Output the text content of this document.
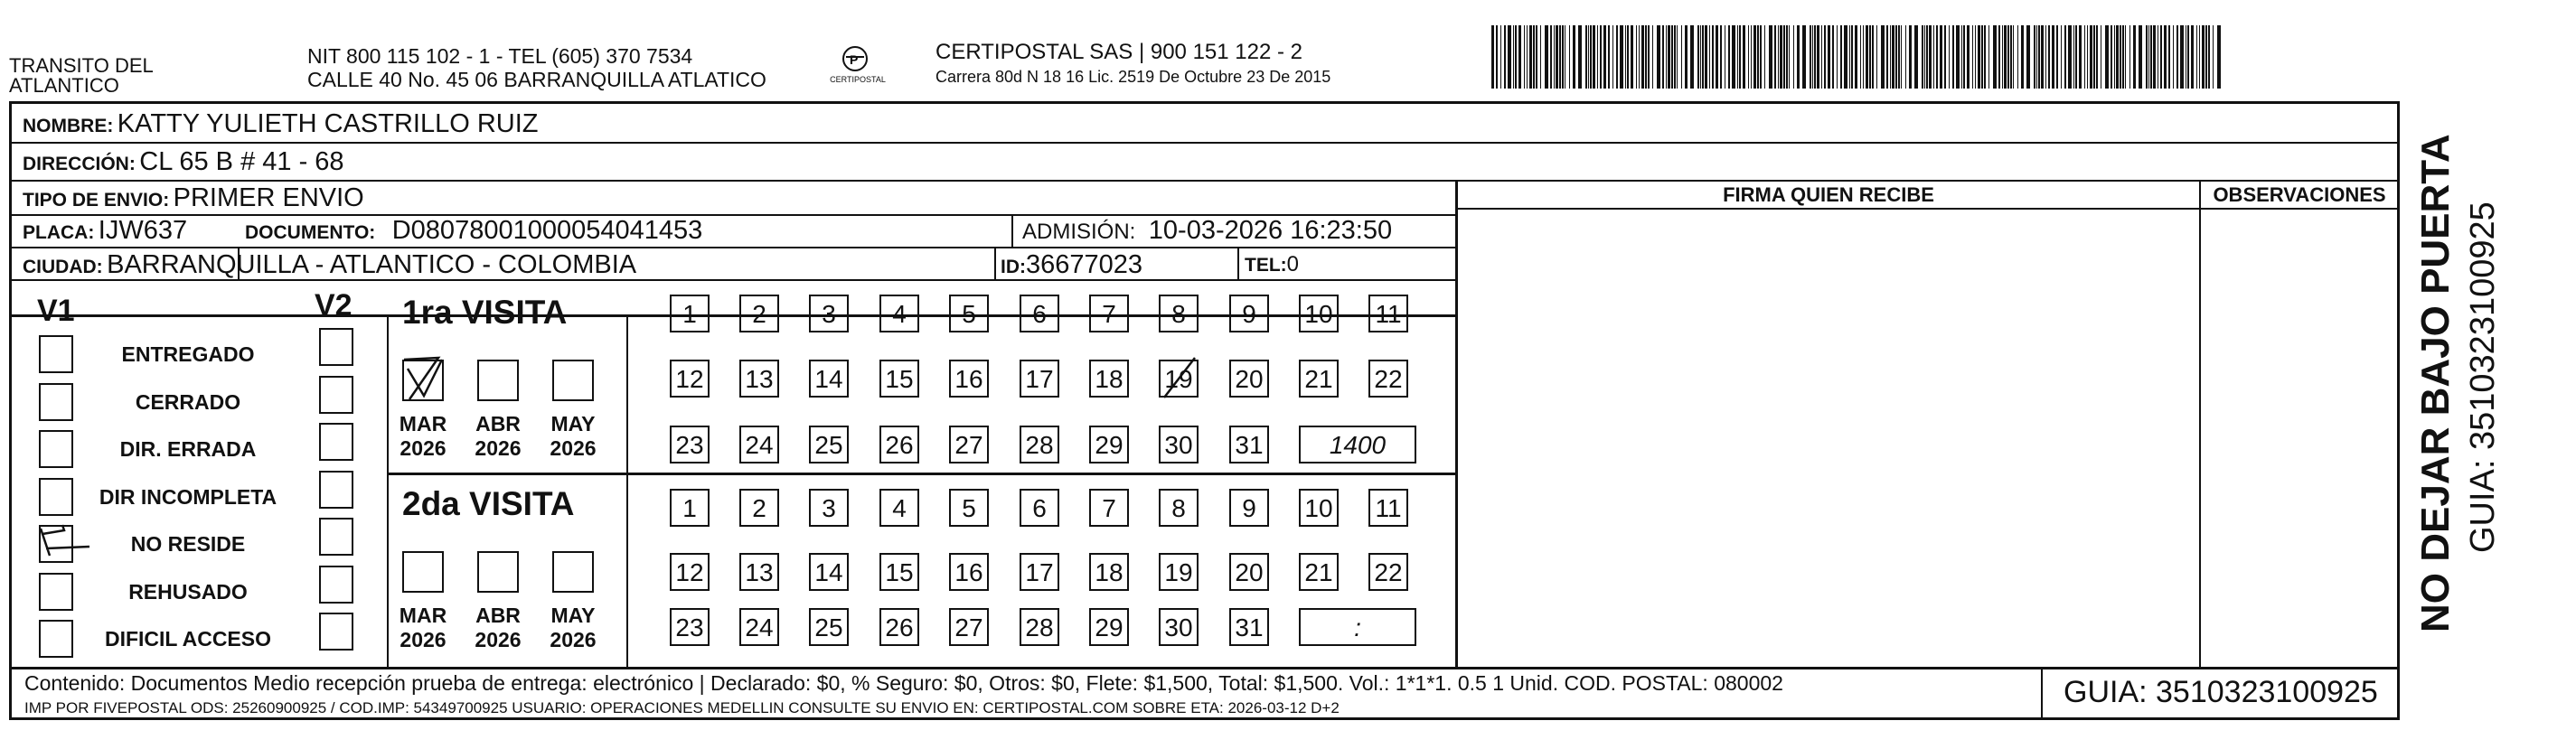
TRANSITO DEL
ATLANTICO
NIT 800 115 102 - 1 - TEL (605) 370 7534
CALLE 40 No. 45 06 BARRANQUILLA ATLATICO
P
CERTIPOSTAL
CERTIPOSTAL SAS | 900 151 122 - 2
Carrera 80d N 18 16 Lic. 2519 De Octubre 23 De 2015
NOMBRE: KATTY YULIETH CASTRILLO RUIZ
DIRECCIÓN: CL 65 B # 41 - 68
TIPO DE ENVIO: PRIMER ENVIO
PLACA: IJW637	DOCUMENTO: D08078001000054041453	ADMISIÓN: 10-03-2026 16:23:50
CIUDAD: BARRANQUILLA - ATLANTICO - COLOMBIA	ID:36677023	TEL:0
FIRMA QUIEN RECIBE	OBSERVACIONES
V1	V2
ENTREGADO
CERRADO
DIR. ERRADA
DIR INCOMPLETA
NO RESIDE
REHUSADO
DIFICIL ACCESO
1ra VISITA
MAR
2026
ABR
2026
MAY
2026
1	2	3	4	5	6	7	8	9	10 11
12 13 14 15 16 17 18 19 20 21 22
23 24 25 26 27 28 29 30 31	1400
2da VISITA
MAR
2026
ABR
2026
MAY
2026
1	2	3	4	5	6	7	8	9	10 11
12 13 14 15 16 17 18 19 20 21 22
23 24 25 26 27 28 29 30 31	:
Contenido: Documentos Medio recepción prueba de entrega: electrónico | Declarado: $0, % Seguro: $0, Otros: $0, Flete: $1,500, Total: $1,500. Vol.: 1*1*1. 0.5 1 Unid. COD. POSTAL: 080002
IMP POR FIVEPOSTAL ODS: 25260900925 / COD.IMP: 54349700925 USUARIO: OPERACIONES MEDELLIN CONSULTE SU ENVIO EN: CERTIPOSTAL.COM SOBRE ETA: 2026-03-12 D+2	GUIA: 3510323100925
NO DEJAR BAJO PUERTA GUIA: 3510323100925
